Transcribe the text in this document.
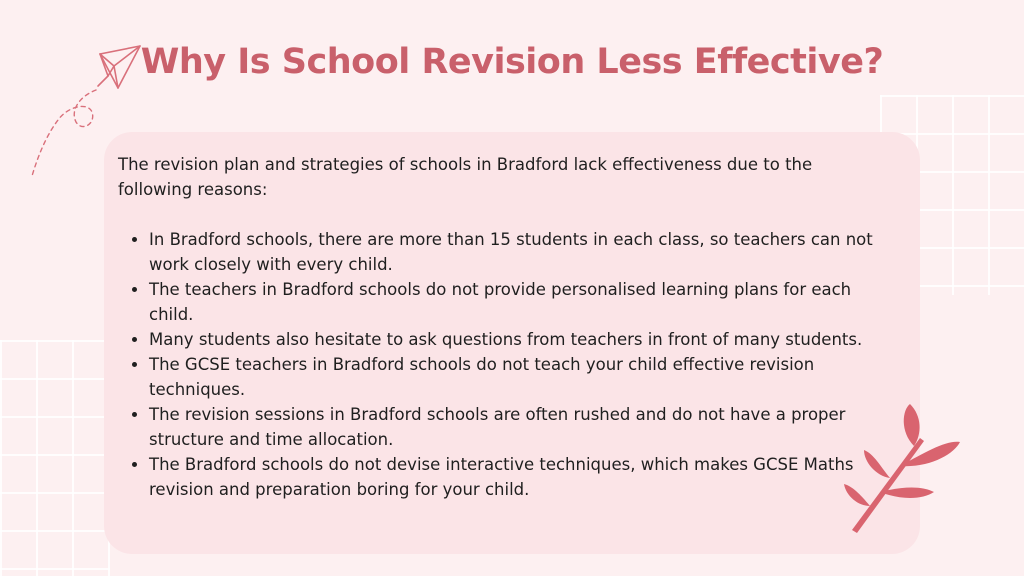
Why Is School Revision Less Effective?

The revision plan and strategies of schools in Bradford lack effectiveness due to the following reasons:

• In Bradford schools, there are more than 15 students in each class, so teachers can not work closely with every child.
• The teachers in Bradford schools do not provide personalised learning plans for each child.
• Many students also hesitate to ask questions from teachers in front of many students.
• The GCSE teachers in Bradford schools do not teach your child effective revision techniques.
• The revision sessions in Bradford schools are often rushed and do not have a proper structure and time allocation.
• The Bradford schools do not devise interactive techniques, which makes GCSE Maths revision and preparation boring for your child.
